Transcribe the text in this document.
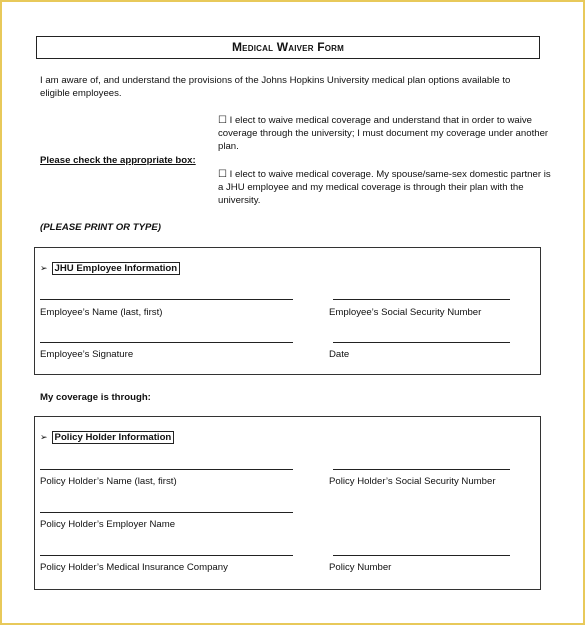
Medical Waiver Form
I am aware of, and understand the provisions of the Johns Hopkins University medical plan options available to eligible employees.
Please check the appropriate box:
☐ I elect to waive medical coverage and understand that in order to waive coverage through the university; I must document my coverage under another plan.
☐ I elect to waive medical coverage. My spouse/same-sex domestic partner is a JHU employee and my medical coverage is through their plan with the university.
(PLEASE PRINT OR TYPE)
➢ JHU Employee Information
Employee’s Name (last, first)	Employee’s Social Security Number
Employee’s Signature	Date
My coverage is through:
➢ Policy Holder Information
Policy Holder’s Name (last, first)	Policy Holder’s Social Security Number
Policy Holder’s Employer Name
Policy Holder’s Medical Insurance Company	Policy Number
